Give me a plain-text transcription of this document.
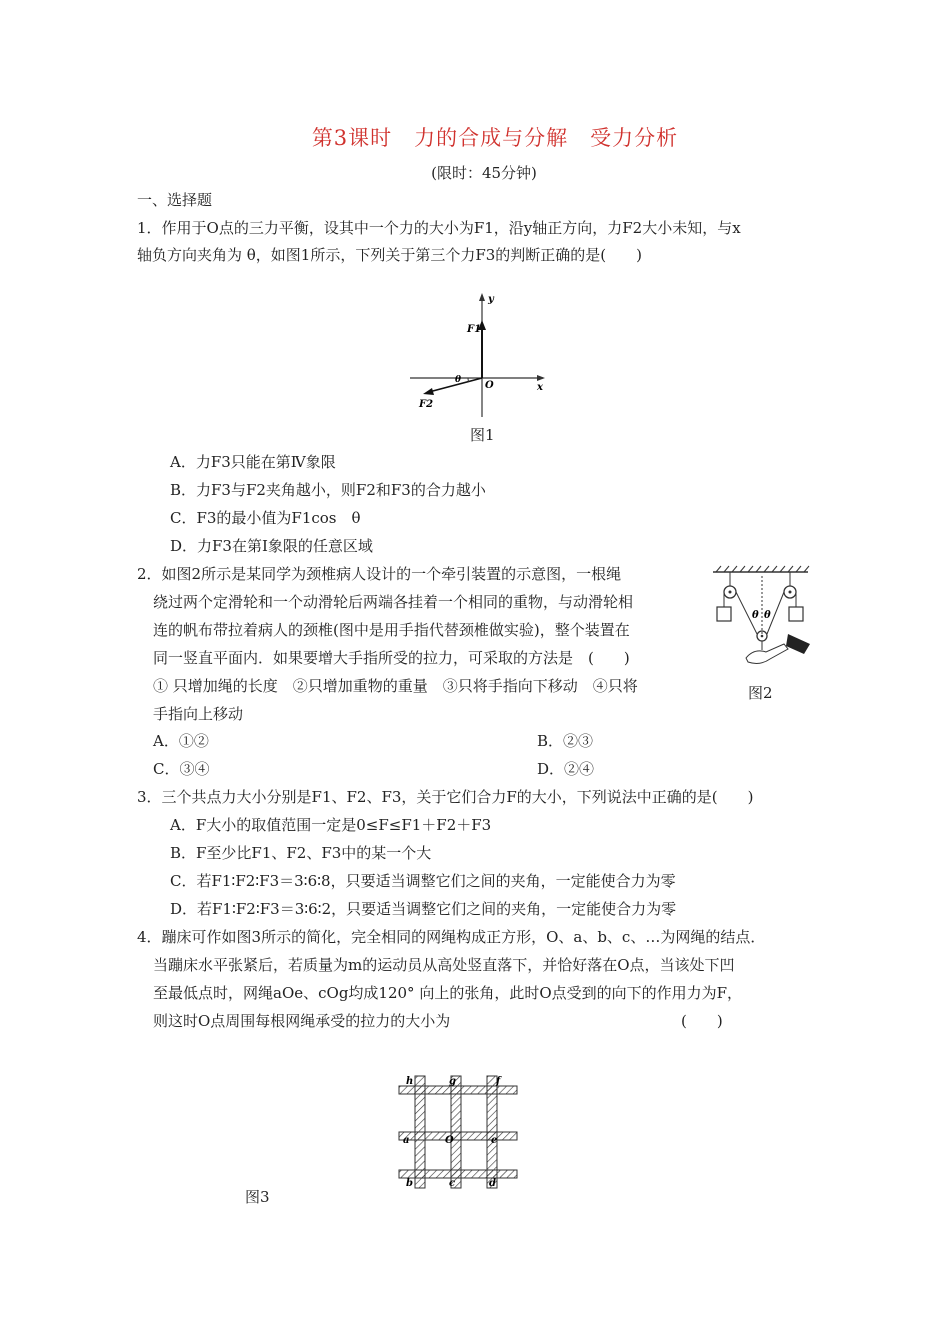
第3课时　力的合成与分解　受力分析
(限时：45分钟)
一、选择题
1．作用于O点的三力平衡，设其中一个力的大小为F1，沿y轴正方向，力F2大小未知，与x
轴负方向夹角为 θ，如图1所示，下列关于第三个力F3的判断正确的是(　　)
y
x
O
θ
F1
F2
图1
A．力F3只能在第Ⅳ象限
B．力F3与F2夹角越小，则F2和F3的合力越小
C．F3的最小值为F1cos　θ
D．力F3在第Ⅰ象限的任意区域
2．如图2所示是某同学为颈椎病人设计的一个牵引装置的示意图，一根绳
绕过两个定滑轮和一个动滑轮后两端各挂着一个相同的重物，与动滑轮相
连的帆布带拉着病人的颈椎(图中是用手指代替颈椎做实验)，整个装置在
同一竖直平面内．如果要增大手指所受的拉力，可采取的方法是　(　　)
① 只增加绳的长度　②只增加重物的重量　③只将手指向下移动　④只将
手指向上移动
θ θ
图2
A．①②	B．②③
C．③④	D．②④
3．三个共点力大小分别是F1、F2、F3，关于它们合力F的大小，下列说法中正确的是(　　)
A．F大小的取值范围一定是0≤F≤F1＋F2＋F3
B．F至少比F1、F2、F3中的某一个大
C．若F1∶F2∶F3＝3∶6∶8，只要适当调整它们之间的夹角，一定能使合力为零
D．若F1∶F2∶F3＝3∶6∶2，只要适当调整它们之间的夹角，一定能使合力为零
4．蹦床可作如图3所示的简化，完全相同的网绳构成正方形，O、a、b、c、…为网绳的结点．
当蹦床水平张紧后，若质量为m的运动员从高处竖直落下，并恰好落在O点，当该处下凹
至最低点时，网绳aOe、cOg均成120° 向上的张角，此时O点受到的向下的作用力为F，
则这时O点周围每根网绳承受的拉力的大小为	(　　)
h	g	f
a	O	e
b	c	d
图3
